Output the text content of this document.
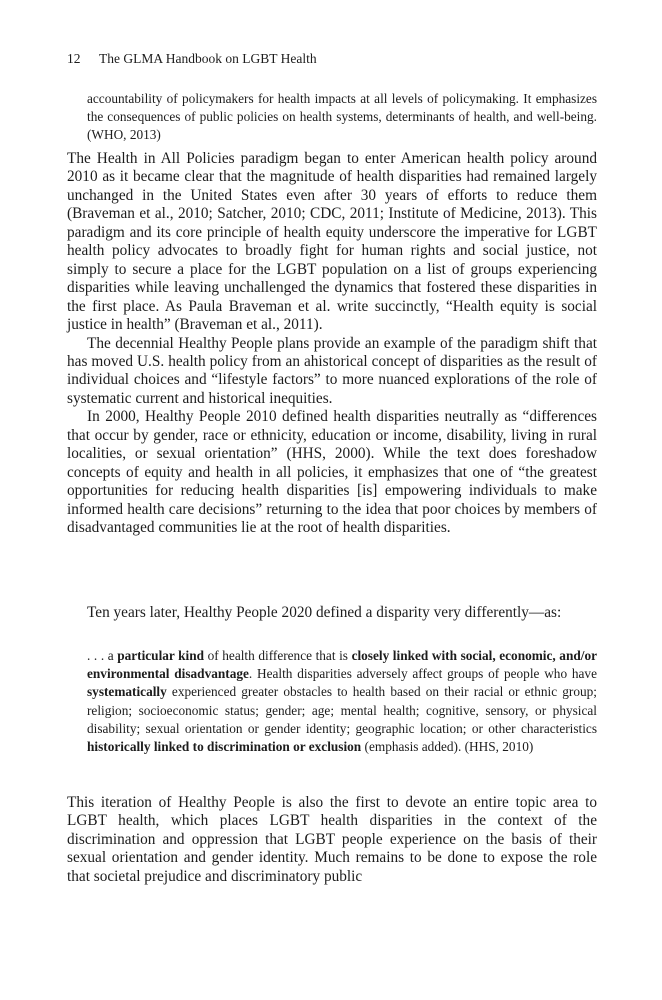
12 The GLMA Handbook on LGBT Health

accountability of policymakers for health impacts at all levels of policymaking. It emphasizes the consequences of public policies on health systems, determinants of health, and well-being. (WHO, 2013)

The Health in All Policies paradigm began to enter American health policy around 2010 as it became clear that the magnitude of health disparities had remained largely unchanged in the United States even after 30 years of efforts to reduce them (Braveman et al., 2010; Satcher, 2010; CDC, 2011; Institute of Medicine, 2013). This paradigm and its core principle of health equity underscore the imperative for LGBT health policy advocates to broadly fight for human rights and social justice, not simply to secure a place for the LGBT population on a list of groups experiencing disparities while leaving unchallenged the dynamics that fostered these disparities in the first place. As Paula Braveman et al. write succinctly, “Health equity is social justice in health” (Braveman et al., 2011).

The decennial Healthy People plans provide an example of the paradigm shift that has moved U.S. health policy from an ahistorical concept of disparities as the result of individual choices and “lifestyle factors” to more nuanced explorations of the role of systematic current and historical inequities.

In 2000, Healthy People 2010 defined health disparities neutrally as “differences that occur by gender, race or ethnicity, education or income, disability, living in rural localities, or sexual orientation” (HHS, 2000). While the text does foreshadow concepts of equity and health in all policies, it emphasizes that one of “the greatest opportunities for reducing health disparities [is] empowering individuals to make informed health care decisions” returning to the idea that poor choices by members of disadvantaged communities lie at the root of health disparities.

Ten years later, Healthy People 2020 defined a disparity very differently—as:

. . . a particular kind of health difference that is closely linked with social, economic, and/or environmental disadvantage. Health disparities adversely affect groups of people who have systematically experienced greater obstacles to health based on their racial or ethnic group; religion; socioeconomic status; gender; age; mental health; cognitive, sensory, or physical disability; sexual orientation or gender identity; geographic location; or other characteristics historically linked to discrimination or exclusion (emphasis added). (HHS, 2010)

This iteration of Healthy People is also the first to devote an entire topic area to LGBT health, which places LGBT health disparities in the context of the discrimination and oppression that LGBT people experience on the basis of their sexual orientation and gender identity. Much remains to be done to expose the role that societal prejudice and discriminatory public
